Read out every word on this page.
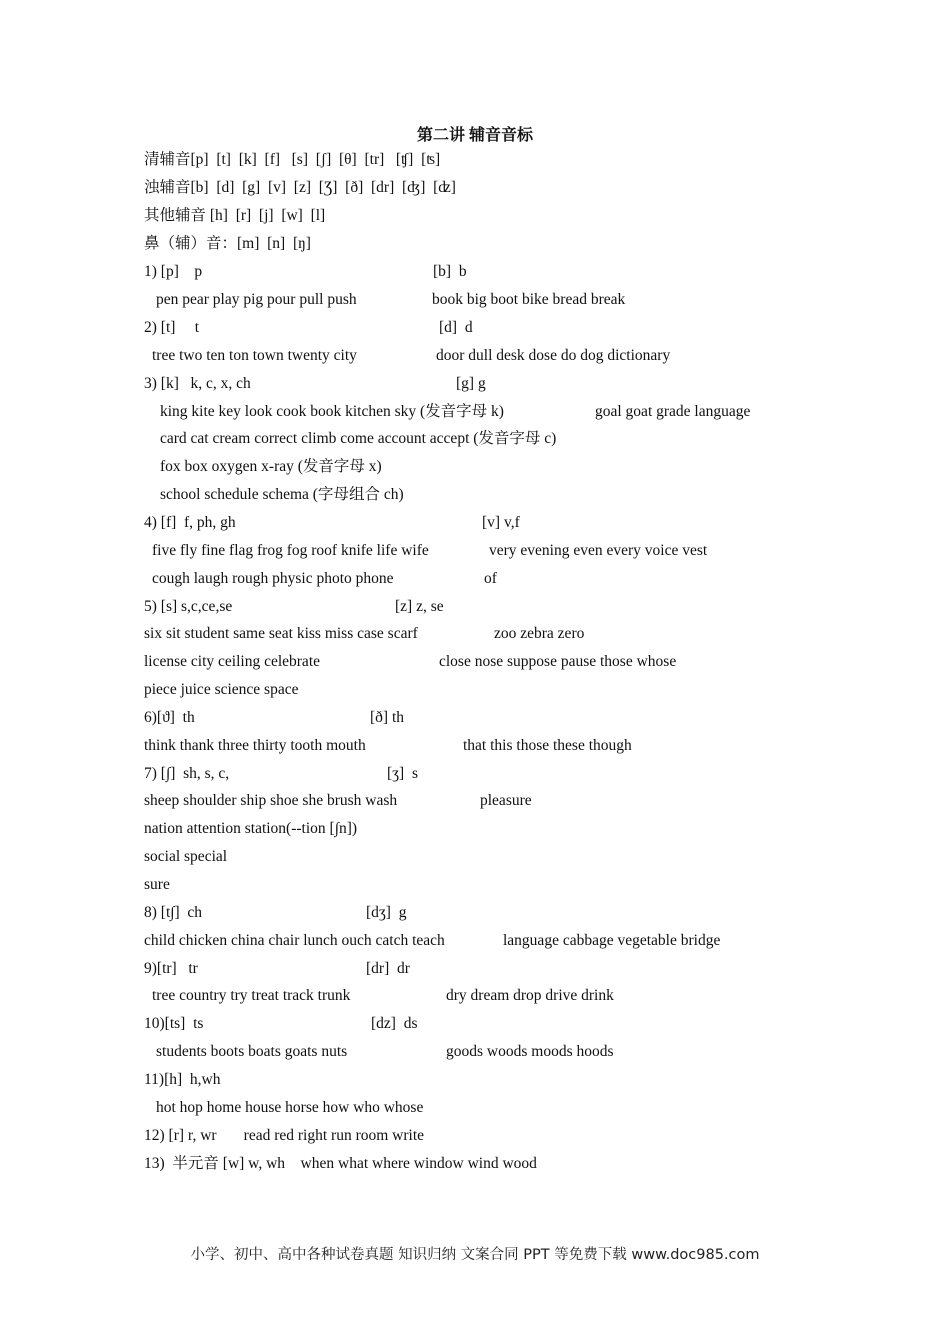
第二讲 辅音音标
清辅音[p]  [t]  [k]  [f]   [s]  [ʃ]  [θ]  [tr]   [ʧ]  [ʦ]
浊辅音[b]  [d]  [g]  [v]  [z]  [Ʒ]  [ð]  [dr]  [ʤ]  [ʣ]
其他辅音 [h]  [r]  [j]  [w]  [l]
鼻（辅）音：[m]  [n]  [ŋ]
1) [p]    p	[b]  b
pen pear play pig pour pull push	book big boot bike bread break
2) [t]     t	[d]  d
tree two ten ton town twenty city	door dull desk dose do dog dictionary
3) [k]   k, c, x, ch	[g] g
king kite key look cook book kitchen sky (发音字母 k)	goal goat grade language
card cat cream correct climb come account accept (发音字母 c)
fox box oxygen x-ray (发音字母 x)
school schedule schema (字母组合 ch)
4) [f]  f, ph, gh	[v] v,f
five fly fine flag frog fog roof knife life wife	very evening even every voice vest
cough laugh rough physic photo phone	of
5) [s] s,c,ce,se	[z] z, se
six sit student same seat kiss miss case scarf	zoo zebra zero
license city ceiling celebrate	close nose suppose pause those whose
piece juice science space
6)[ϑ]  th	[ð] th
think thank three thirty tooth mouth	that this those these though
7) [∫]  sh, s, c,	[ʒ]  s
sheep shoulder ship shoe she brush wash	pleasure
nation attention station(--tion [∫n])
social special
sure
8) [t∫]  ch	[dʒ]  g
child chicken china chair lunch ouch catch teach	language cabbage vegetable bridge
9)[tr]   tr	[dr]  dr
tree country try treat track trunk	dry dream drop drive drink
10)[ts]  ts	[dz]  ds
students boots boats goats nuts	goods woods moods hoods
11)[h]  h,wh
hot hop home house horse how who whose
12) [r] r, wr       read red right run room write
13)  半元音 [w] w, wh    when what where window wind wood
小学、初中、高中各种试卷真题 知识归纳 文案合同 PPT 等免费下载 www.doc985.com
